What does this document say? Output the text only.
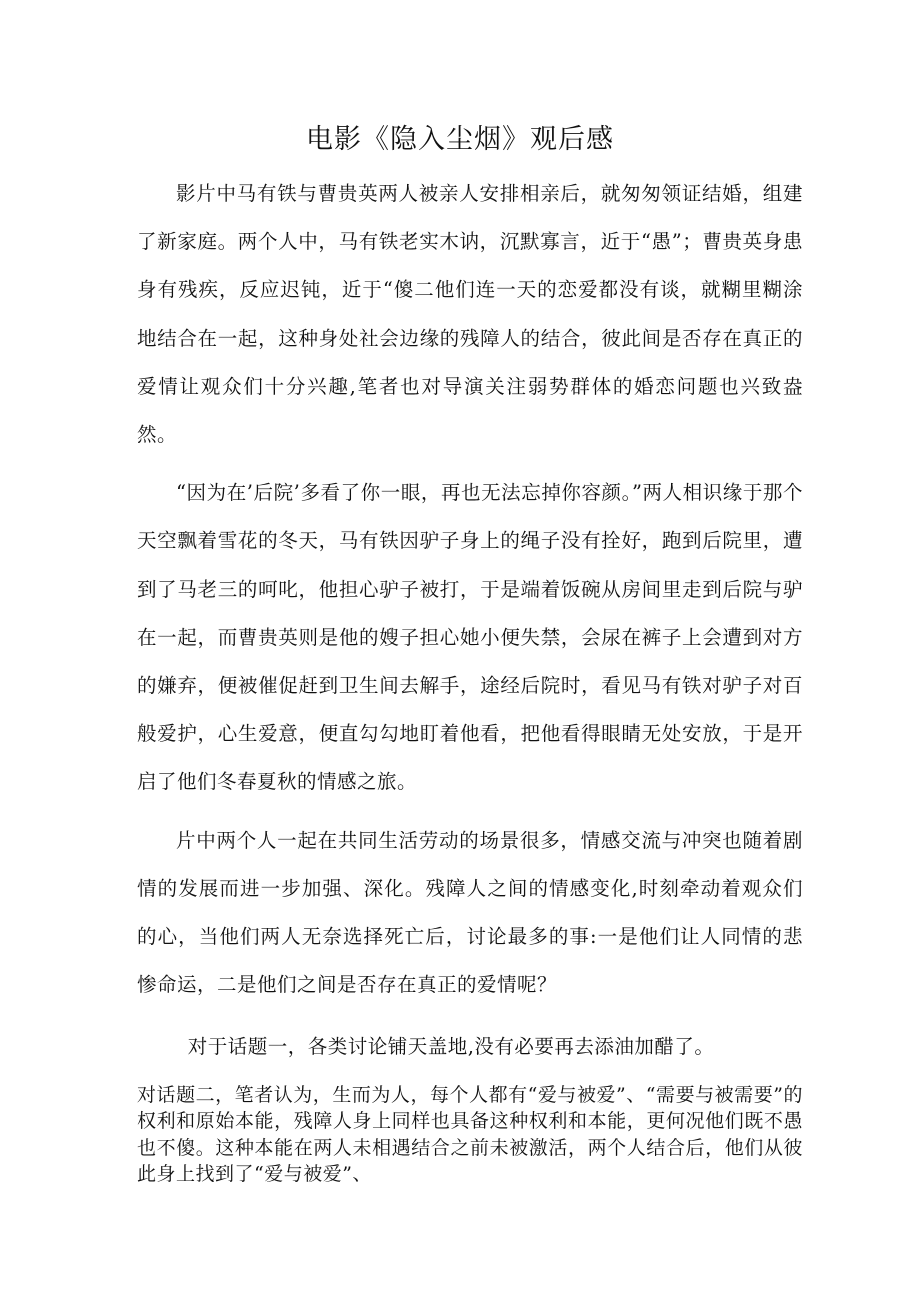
电影《隐入尘烟》观后感

影片中马有铁与曹贵英两人被亲人安排相亲后，就匆匆领证结婚，组建了新家庭。两个人中，马有铁老实木讷，沉默寡言，近于“愚”；曹贵英身患身有残疾，反应迟钝，近于“傻二他们连一天的恋爱都没有谈，就糊里糊涂地结合在一起，这种身处社会边缘的残障人的结合，彼此间是否存在真正的爱情让观众们十分兴趣,笔者也对导演关注弱势群体的婚恋问题也兴致盎然。

“因为在’后院’多看了你一眼，再也无法忘掉你容颜。”两人相识缘于那个天空飘着雪花的冬天，马有铁因驴子身上的绳子没有拴好，跑到后院里，遭到了马老三的呵叱，他担心驴子被打，于是端着饭碗从房间里走到后院与驴在一起，而曹贵英则是他的嫂子担心她小便失禁，会尿在裤子上会遭到对方的嫌弃，便被催促赶到卫生间去解手，途经后院时，看见马有铁对驴子对百般爱护，心生爱意，便直勾勾地盯着他看，把他看得眼睛无处安放，于是开启了他们冬春夏秋的情感之旅。

片中两个人一起在共同生活劳动的场景很多，情感交流与冲突也随着剧情的发展而进一步加强、深化。残障人之间的情感变化,时刻牵动着观众们的心，当他们两人无奈选择死亡后，讨论最多的事:一是他们让人同情的悲惨命运，二是他们之间是否存在真正的爱情呢？

对于话题一，各类讨论铺天盖地,没有必要再去添油加醋了。

对话题二，笔者认为，生而为人，每个人都有“爱与被爱”、“需要与被需要”的权利和原始本能，残障人身上同样也具备这种权利和本能，更何况他们既不愚也不傻。这种本能在两人未相遇结合之前未被激活，两个人结合后，他们从彼此身上找到了“爱与被爱”、
